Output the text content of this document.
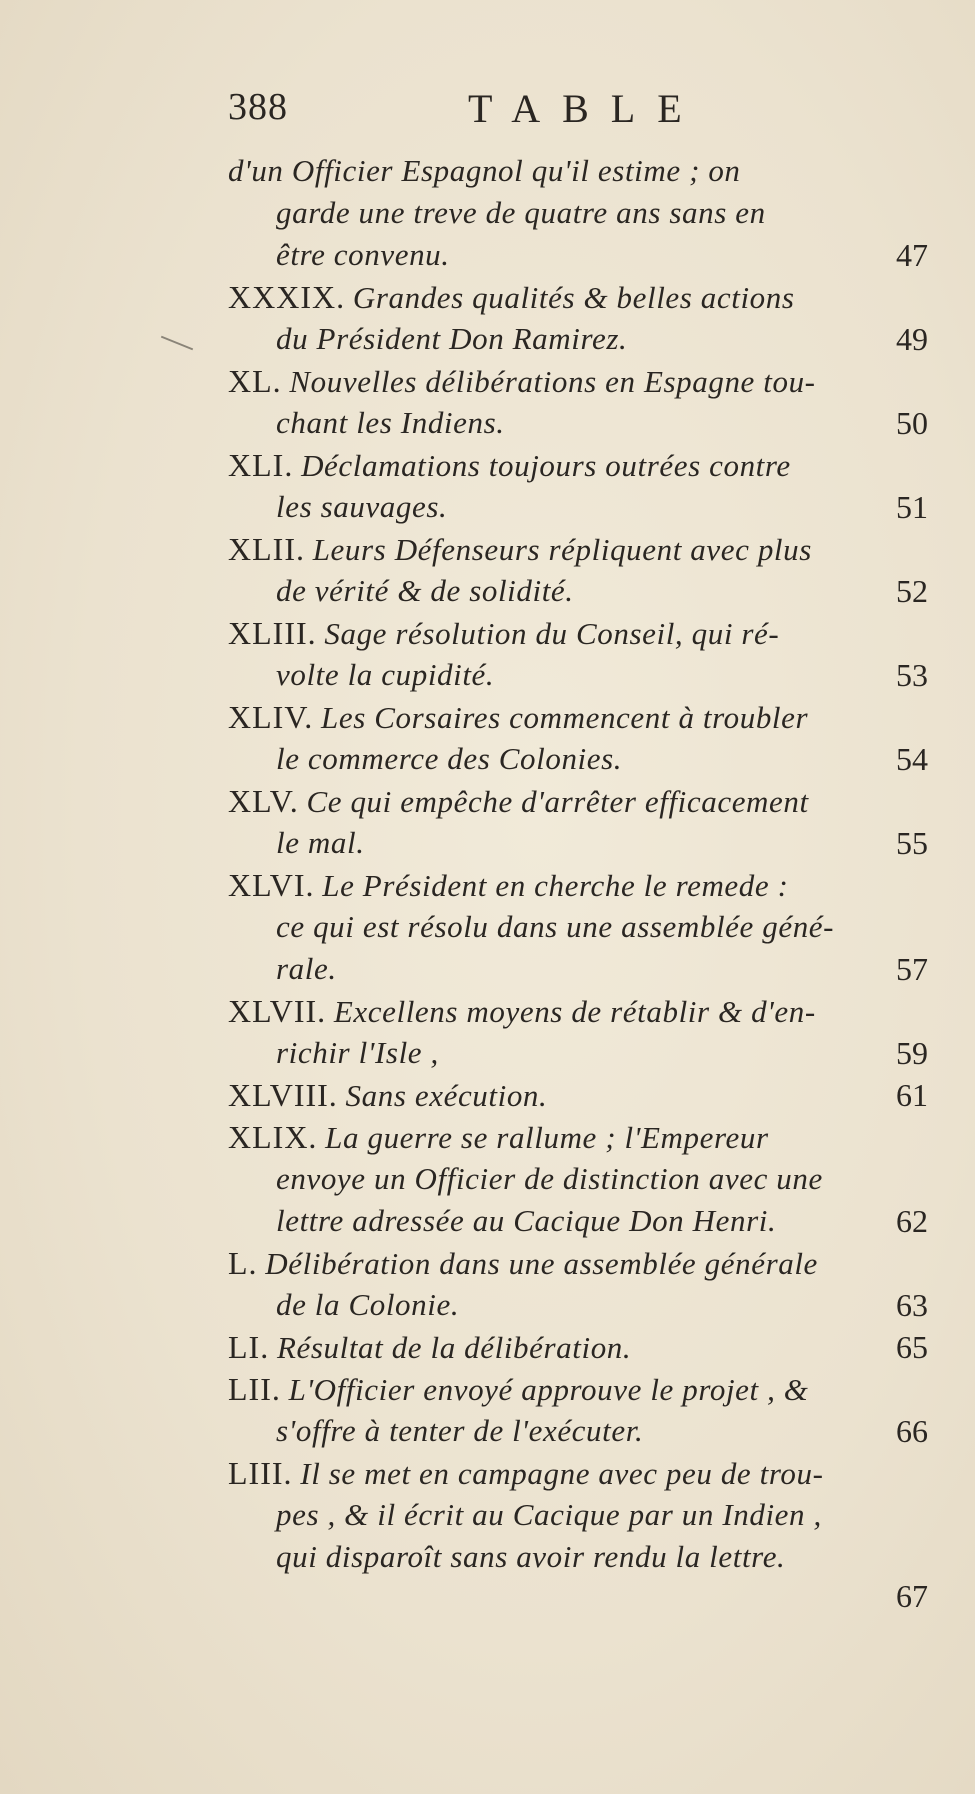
388	TABLE
d'un Officier Espagnol qu'il estime ; on
garde une treve de quatre ans sans en
être convenu.	47
XXXIX. Grandes qualités & belles actions
du Président Don Ramirez.	49
XL. Nouvelles délibérations en Espagne tou-
chant les Indiens.	50
XLI. Déclamations toujours outrées contre
les sauvages.	51
XLII. Leurs Défenseurs répliquent avec plus
de vérité & de solidité.	52
XLIII. Sage résolution du Conseil, qui ré-
volte la cupidité.	53
XLIV. Les Corsaires commencent à troubler
le commerce des Colonies.	54
XLV. Ce qui empêche d'arrêter efficacement
le mal.	55
XLVI. Le Président en cherche le remede :
ce qui est résolu dans une assemblée géné-
rale.	57
XLVII. Excellens moyens de rétablir & d'en-
richir l'Isle ,	59
XLVIII. Sans exécution.	61
XLIX. La guerre se rallume ; l'Empereur
envoye un Officier de distinction avec une
lettre adressée au Cacique Don Henri.	62
L. Délibération dans une assemblée générale
de la Colonie.	63
LI. Résultat de la délibération.	65
LII. L'Officier envoyé approuve le projet , &
s'offre à tenter de l'exécuter.	66
LIII. Il se met en campagne avec peu de trou-
pes , & il écrit au Cacique par un Indien ,
qui disparoît sans avoir rendu la lettre.
67
